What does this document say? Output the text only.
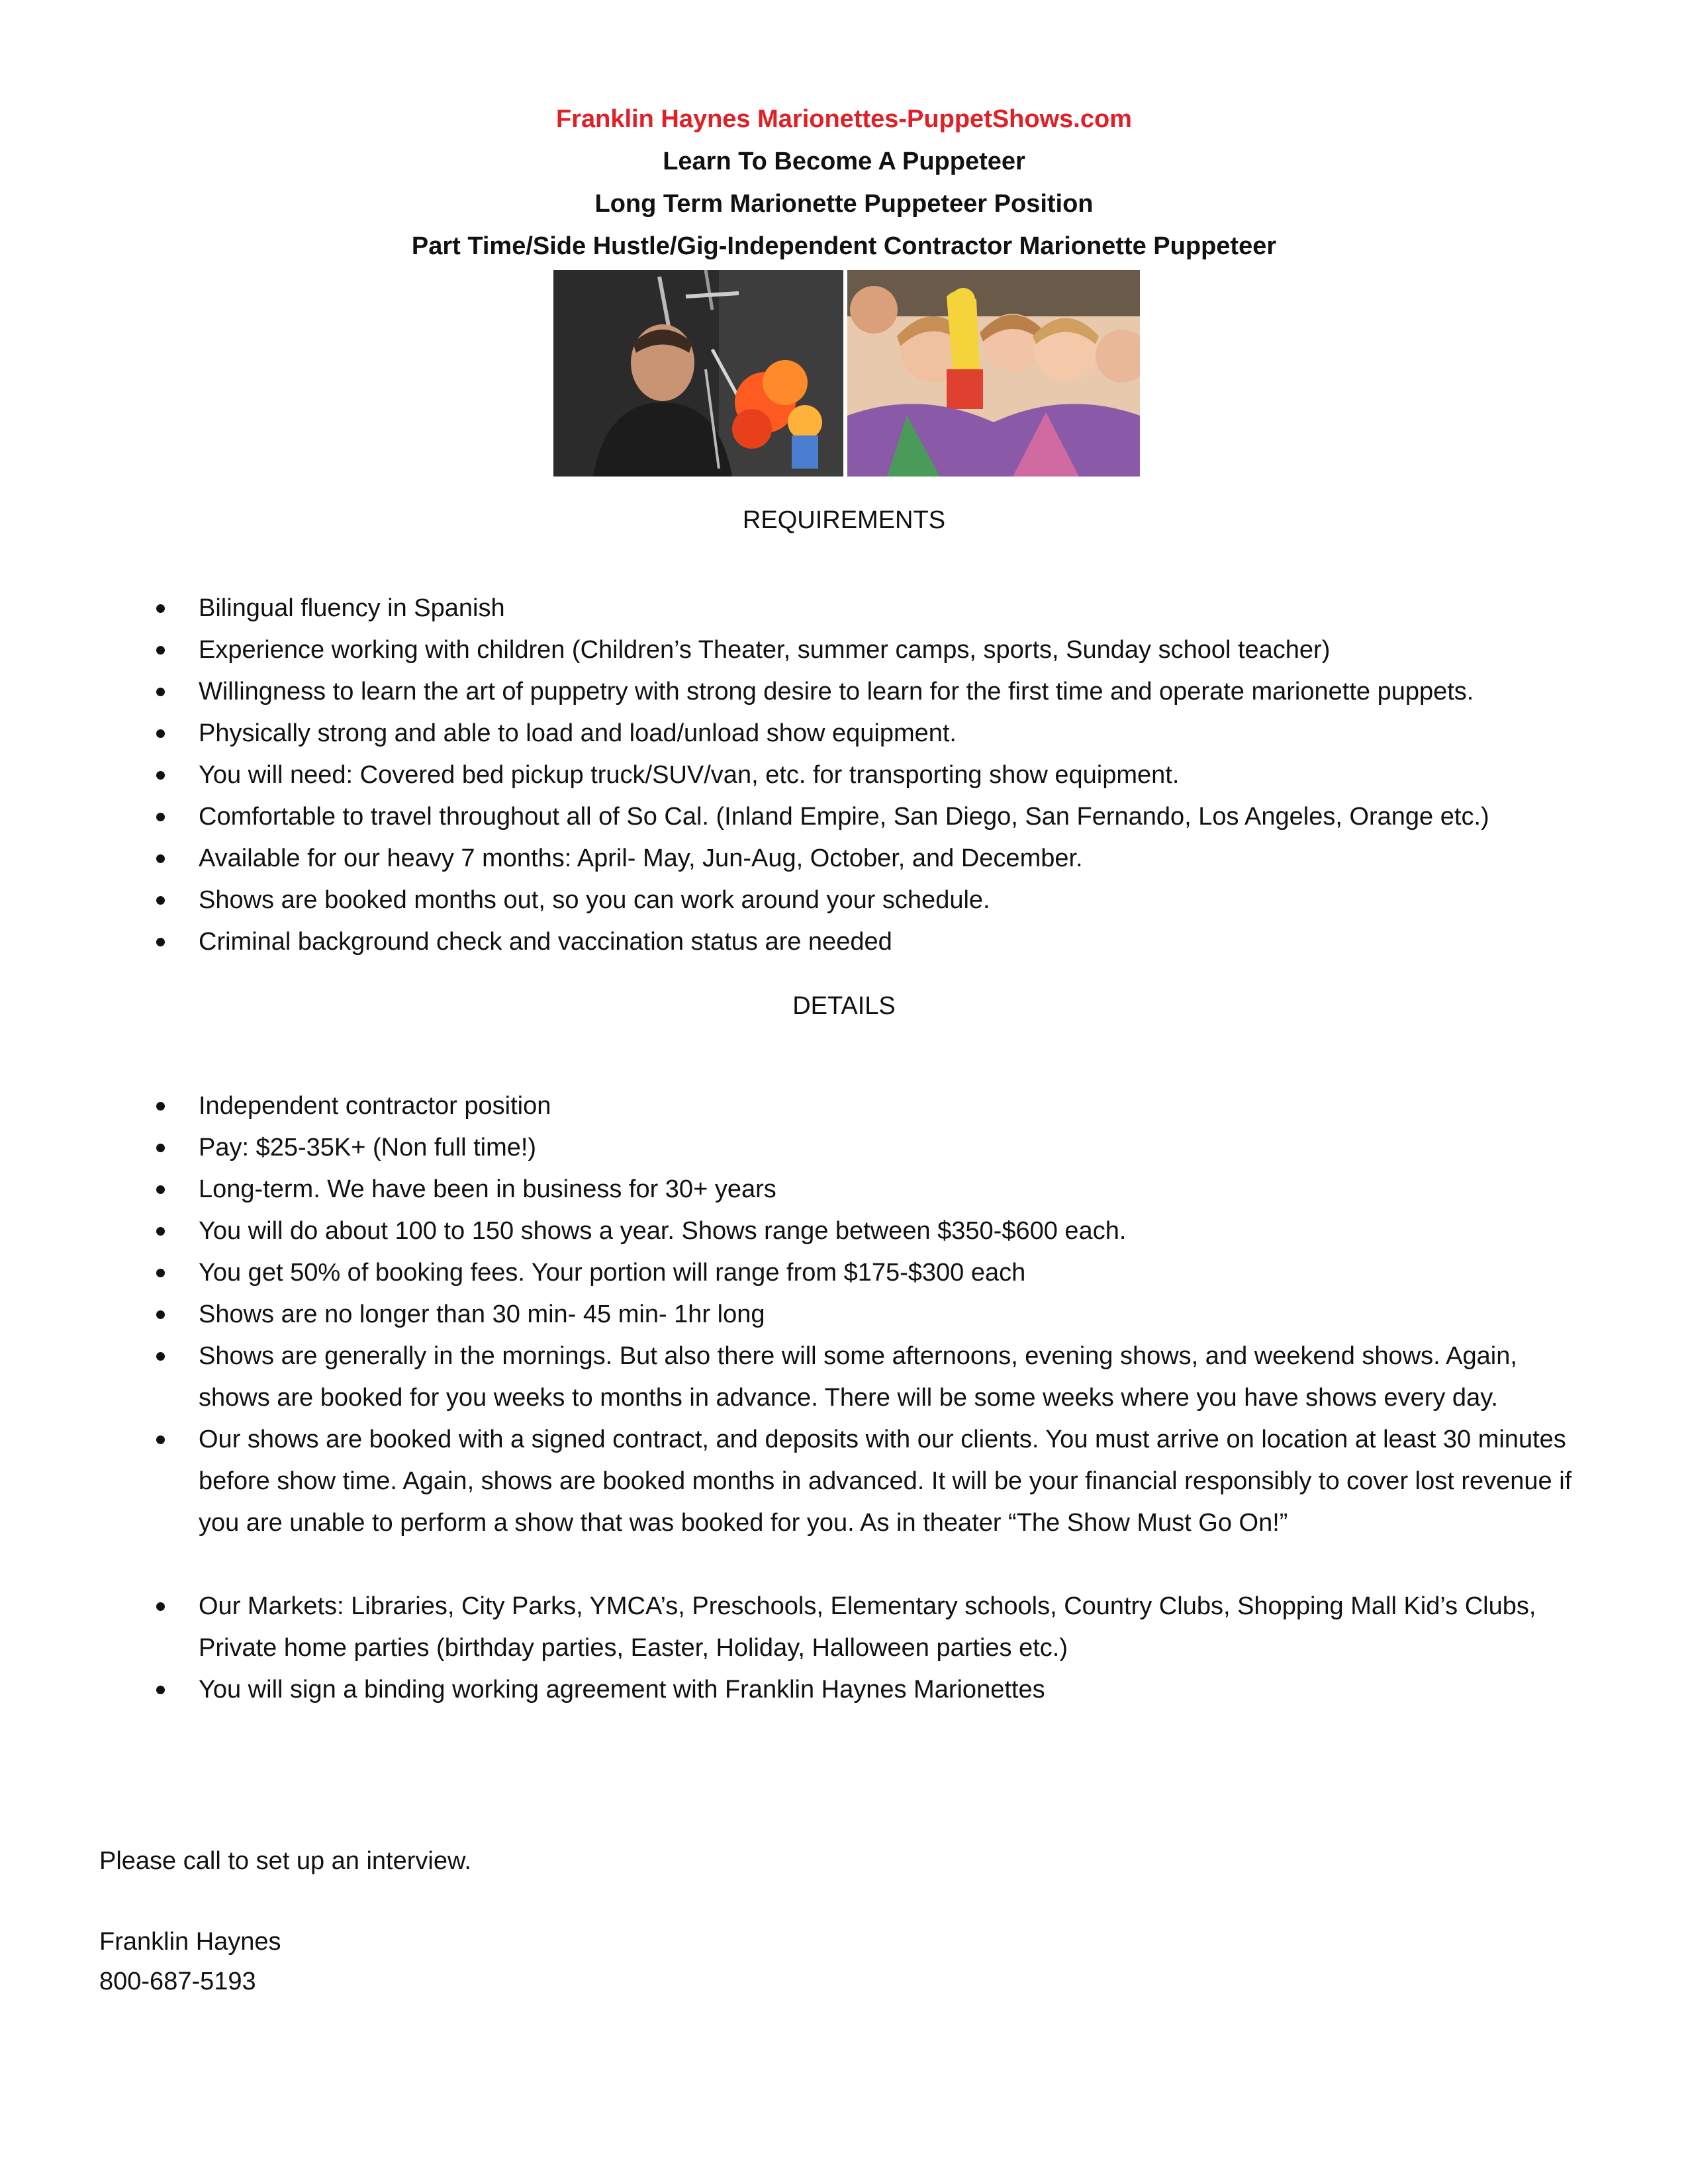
Franklin Haynes Marionettes-PuppetShows.com
Learn To Become A Puppeteer
Long Term Marionette Puppeteer Position
Part Time/Side Hustle/Gig-Independent Contractor Marionette Puppeteer
REQUIREMENTS
Bilingual fluency in Spanish
Experience working with children (Children’s Theater, summer camps, sports, Sunday school teacher)
Willingness to learn the art of puppetry with strong desire to learn for the first time and operate marionette puppets.
Physically strong and able to load and load/unload show equipment.
You will need: Covered bed pickup truck/SUV/van, etc. for transporting show equipment.
Comfortable to travel throughout all of So Cal. (Inland Empire, San Diego, San Fernando, Los Angeles, Orange etc.)
Available for our heavy 7 months: April- May, Jun-Aug, October, and December.
Shows are booked months out, so you can work around your schedule.
Criminal background check and vaccination status are needed
DETAILS
Independent contractor position
Pay: $25-35K+ (Non full time!)
Long-term. We have been in business for 30+ years
You will do about 100 to 150 shows a year. Shows range between $350-$600 each.
You get 50% of booking fees. Your portion will range from $175-$300 each
Shows are no longer than 30 min- 45 min- 1hr long
Shows are generally in the mornings. But also there will some afternoons, evening shows, and weekend shows. Again, shows are booked for you weeks to months in advance. There will be some weeks where you have shows every day.
Our shows are booked with a signed contract, and deposits with our clients. You must arrive on location at least 30 minutes before show time. Again, shows are booked months in advanced. It will be your financial responsibly to cover lost revenue if you are unable to perform a show that was booked for you. As in theater “The Show Must Go On!”
Our Markets: Libraries, City Parks, YMCA’s, Preschools, Elementary schools, Country Clubs, Shopping Mall Kid’s Clubs, Private home parties (birthday parties, Easter, Holiday, Halloween parties etc.)
You will sign a binding working agreement with Franklin Haynes Marionettes
Please call to set up an interview.
Franklin Haynes
800-687-5193
